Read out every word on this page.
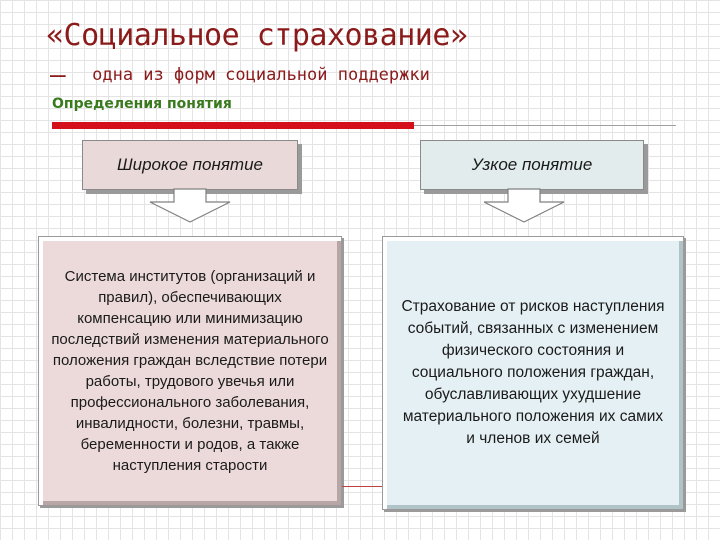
«Социальное страхование»
– одна из форм социальной поддержки
Определения понятия
Широкое понятие	Узкое понятие
Система институтов (организаций и правил), обеспечивающих компенсацию или минимизацию последствий изменения материального положения граждан вследствие потери работы, трудового увечья или профессионального заболевания, инвалидности, болезни, травмы, беременности и родов, а также наступления старости
Страхование от рисков наступления событий, связанных с изменением физического состояния и социального положения граждан, обуславливающих ухудшение материального положения их самих и членов их семей
